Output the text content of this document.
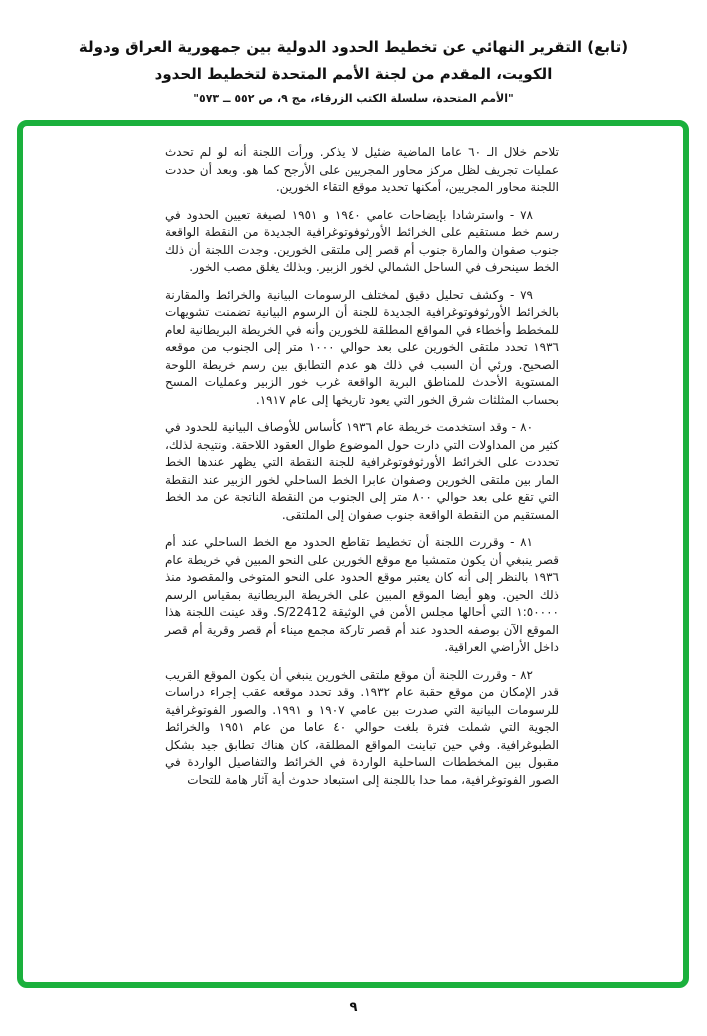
(تابع) التقرير النهائي عن تخطيط الحدود الدولية بين جمهورية العراق ودولة
الكويت، المقدم من لجنة الأمم المتحدة لتخطيط الحدود
"الأمم المتحدة، سلسلة الكتب الزرقاء، مج ٩، ص ٥٥٢ ــ ٥٧٣"

تلاحم خلال الـ ٦٠ عاما الماضية ضئيل لا يذكر. ورأت اللجنة أنه لو لم تحدث عمليات تجريف لظل مركز محاور المجريين على الأرجح كما هو. وبعد أن حددت اللجنة محاور المجريين، أمكنها تحديد موقع التقاء الخورين.

٧٨ - واسترشادا بإيضاحات عامي ١٩٤٠ و ١٩٥١ لصيغة تعيين الحدود في رسم خط مستقيم على الخرائط الأورثوفوتوغرافية الجديدة من النقطة الواقعة جنوب صفوان والمارة جنوب أم قصر إلى ملتقى الخورين. وجدت اللجنة أن ذلك الخط سينحرف في الساحل الشمالي لخور الزبير. وبذلك يغلق مصب الخور.

٧٩ - وكشف تحليل دقيق لمختلف الرسومات البيانية والخرائط والمقارنة بالخرائط الأورثوفوتوغرافية الجديدة للجنة أن الرسوم البيانية تضمنت تشويهات للمخطط وأخطاء في المواقع المطلقة للخورين وأنه في الخريطة البريطانية لعام ١٩٣٦ تحدد ملتقى الخورين على بعد حوالي ١٠٠٠ متر إلى الجنوب من موقعه الصحيح. ورئي أن السبب في ذلك هو عدم التطابق بين رسم خريطة اللوحة المستوية الأحدث للمناطق البرية الواقعة غرب خور الزبير وعمليات المسح بحساب المثلثات شرق الخور التي يعود تاريخها إلى عام ١٩١٧.

٨٠ - وقد استخدمت خريطة عام ١٩٣٦ كأساس للأوصاف البيانية للحدود في كثير من المداولات التي دارت حول الموضوع طوال العقود اللاحقة. ونتيجة لذلك، تحددت على الخرائط الأورثوفوتوغرافية للجنة النقطة التي يظهر عندها الخط المار بين ملتقى الخورين وصفوان عابرا الخط الساحلي لخور الزبير عند النقطة التي تقع على بعد حوالي ٨٠٠ متر إلى الجنوب من النقطة الناتجة عن مد الخط المستقيم من النقطة الواقعة جنوب صفوان إلى الملتقى.

٨١ - وقررت اللجنة أن تخطيط تقاطع الحدود مع الخط الساحلي عند أم قصر ينبغي أن يكون متمشيا مع موقع الخورين على النحو المبين في خريطة عام ١٩٣٦ بالنظر إلى أنه كان يعتبر موقع الحدود على النحو المتوخى والمقصود منذ ذلك الحين. وهو أيضا الموقع المبين على الخريطة البريطانية بمقياس الرسم ١:٥٠٠٠٠ التي أحالها مجلس الأمن في الوثيقة S/22412. وقد عينت اللجنة هذا الموقع الآن بوصفه الحدود عند أم قصر تاركة مجمع ميناء أم قصر وقرية أم قصر داخل الأراضي العراقية.

٨٢ - وقررت اللجنة أن موقع ملتقى الخورين ينبغي أن يكون الموقع القريب قدر الإمكان من موقع حقبة عام ١٩٣٢. وقد تحدد موقعه عقب إجراء دراسات للرسومات البيانية التي صدرت بين عامي ١٩٠٧ و ١٩٩١. والصور الفوتوغرافية الجوية التي شملت فترة بلغت حوالي ٤٠ عاما من عام ١٩٥١ والخرائط الطبوغرافية. وفي حين تباينت المواقع المطلقة، كان هناك تطابق جيد بشكل مقبول بين المخططات الساحلية الواردة في الخرائط والتفاصيل الواردة في الصور الفوتوغرافية، مما حدا باللجنة إلى استبعاد حدوث أية آثار هامة للتحات

٩
